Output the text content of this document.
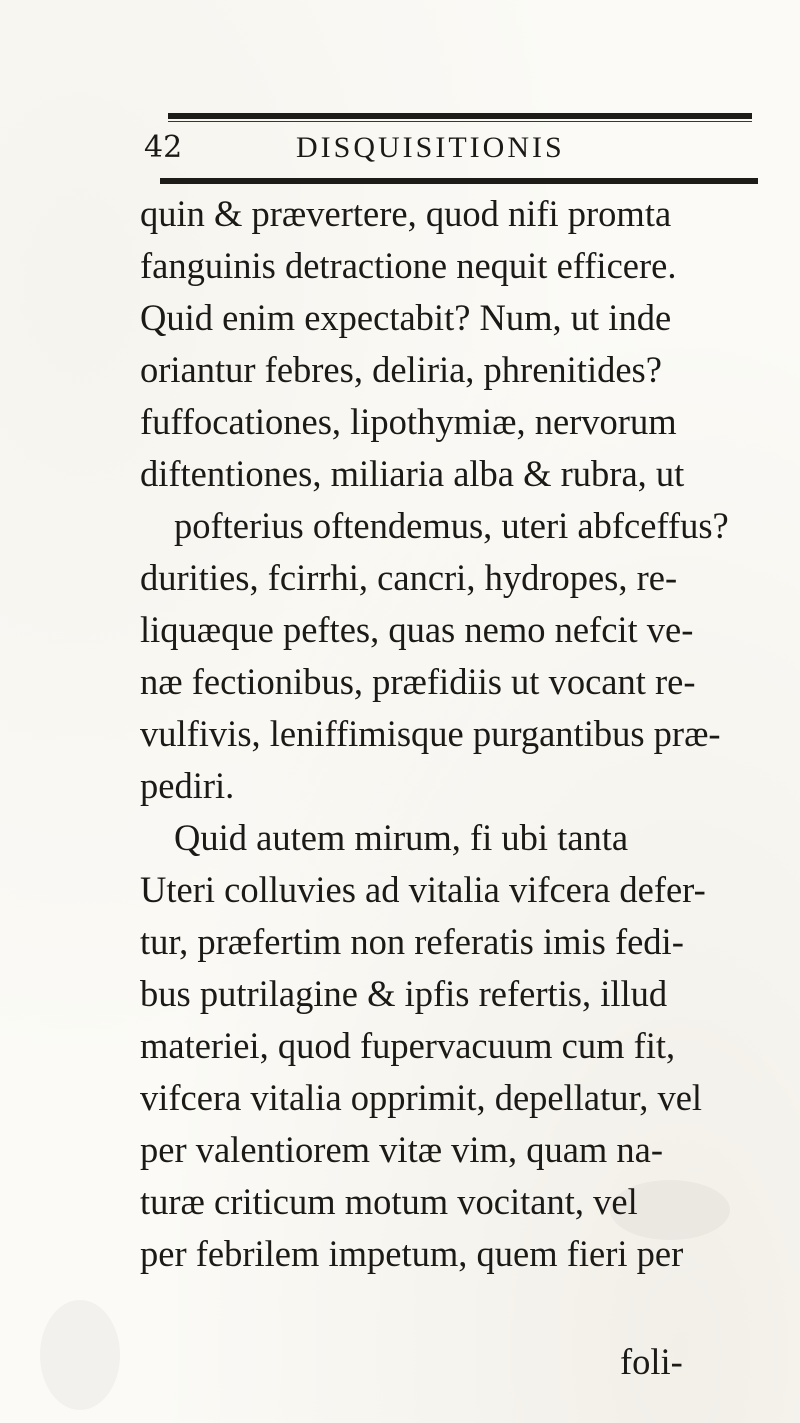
42	DISQUISITIONIS
quin & prævertere, quod nifi promta
fanguinis detractione nequit efficere.
Quid enim expectabit? Num, ut inde
oriantur febres, deliria, phrenitides?
fuffocationes, lipothymiæ, nervorum
diftentiones, miliaria alba & rubra, ut
pofterius oftendemus, uteri abfceffus?
durities, fcirrhi, cancri, hydropes, re-
liquæque peftes, quas nemo nefcit ve-
næ fectionibus, præfidiis ut vocant re-
vulfivis, leniffimisque purgantibus præ-
pediri.
Quid autem mirum, fi ubi tanta
Uteri colluvies ad vitalia vifcera defer-
tur, præfertim non referatis imis fedi-
bus putrilagine & ipfis refertis, illud
materiei, quod fupervacuum cum fit,
vifcera vitalia opprimit, depellatur, vel
per valentiorem vitæ vim, quam na-
turæ criticum motum vocitant, vel
per febrilem impetum, quem fieri per
foli-
